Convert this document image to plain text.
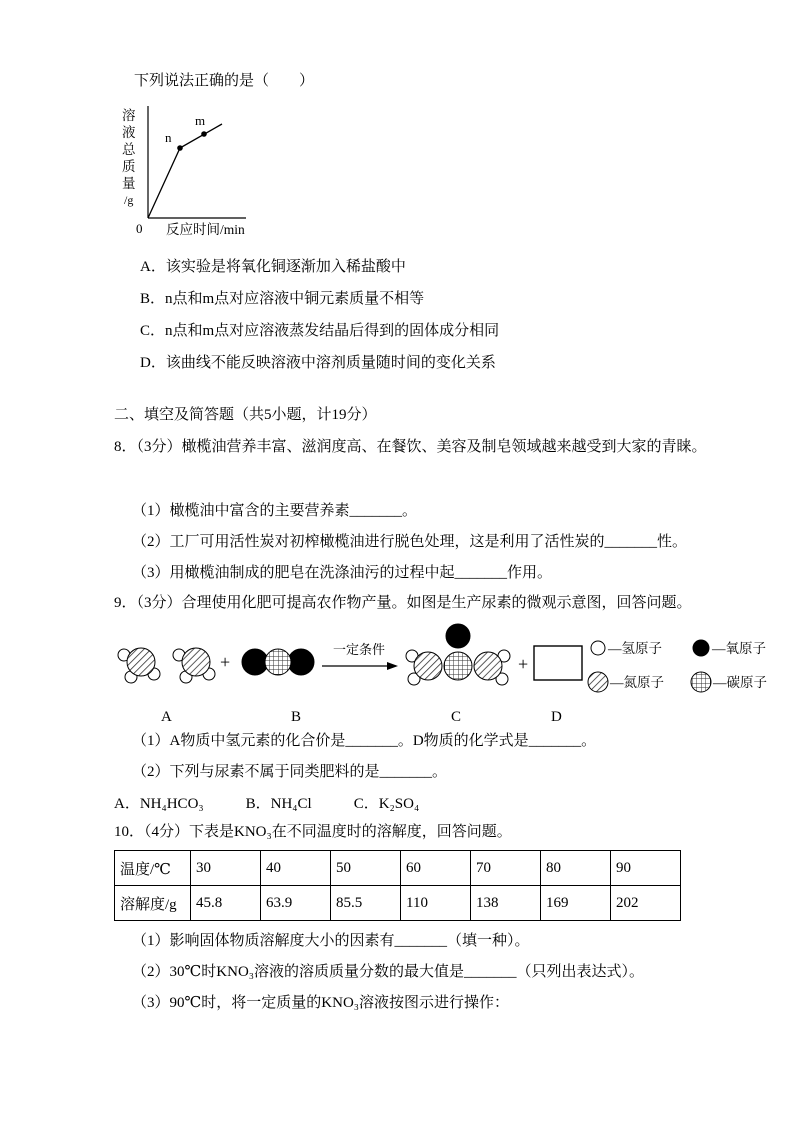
下列说法正确的是（　　）

溶
液
总
质
量
/g
n
m
0 反应时间/min

A．该实验是将氧化铜逐渐加入稀盐酸中

B．n点和m点对应溶液中铜元素质量不相等

C．n点和m点对应溶液蒸发结晶后得到的固体成分相同

D．该曲线不能反映溶液中溶剂质量随时间的变化关系

二、填空及简答题（共5小题，计19分）

8．（3分）橄榄油营养丰富、滋润度高、在餐饮、美容及制皂领域越来越受到大家的青睐。

（1）橄榄油中富含的主要营养素_______。

（2）工厂可用活性炭对初榨橄榄油进行脱色处理，这是利用了活性炭的_______性。

（3）用橄榄油制成的肥皂在洗涤油污的过程中起_______作用。

9．（3分）合理使用化肥可提高农作物产量。如图是生产尿素的微观示意图，回答问题。

+
一定条件
+
—氢原子	—氧原子
—氮原子	—碳原子
A	B	C	D

（1）A物质中氢元素的化合价是_______。D物质的化学式是_______。

（2）下列与尿素不属于同类肥料的是_______。

A．NH₄HCO₃	B．NH₄Cl	C．K₂SO₄

10．（4分）下表是KNO₃在不同温度时的溶解度，回答问题。

温度/℃	30	40	50	60	70	80	90
溶解度/g	45.8	63.9	85.5	110	138	169	202

（1）影响固体物质溶解度大小的因素有_______（填一种）。

（2）30℃时KNO₃溶液的溶质质量分数的最大值是_______（只列出表达式）。

（3）90℃时，将一定质量的KNO₃溶液按图示进行操作：
